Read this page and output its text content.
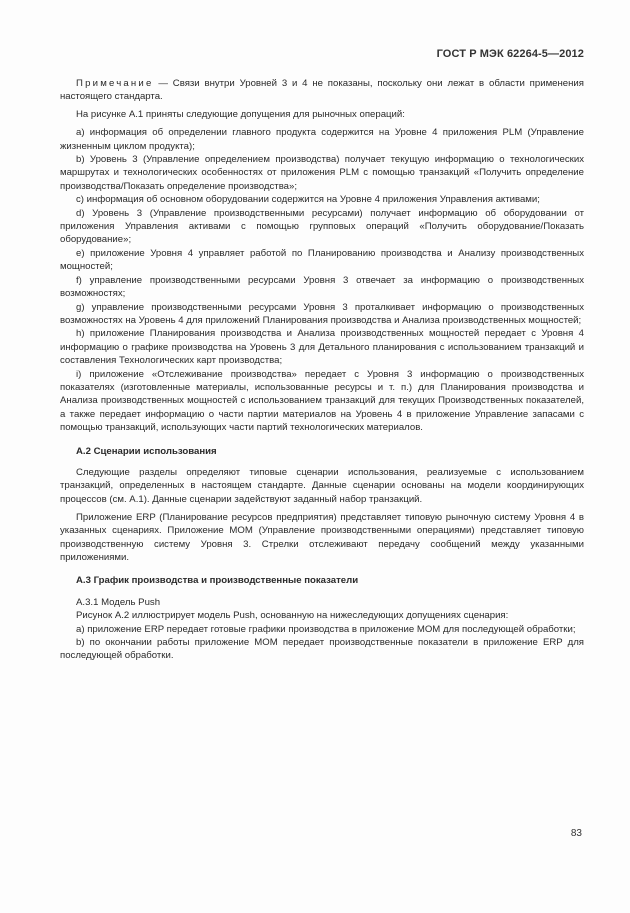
ГОСТ Р МЭК 62264-5—2012

Примечание — Связи внутри Уровней 3 и 4 не показаны, поскольку они лежат в области применения настоящего стандарта.

На рисунке А.1 приняты следующие допущения для рыночных операций:

a) информация об определении главного продукта содержится на Уровне 4 приложения PLM (Управление жизненным циклом продукта);

b) Уровень 3 (Управление определением производства) получает текущую информацию о технологических маршрутах и технологических особенностях от приложения PLM с помощью транзакций «Получить определение производства/Показать определение производства»;

c) информация об основном оборудовании содержится на Уровне 4 приложения Управления активами;

d) Уровень 3 (Управление производственными ресурсами) получает информацию об оборудовании от приложения Управления активами с помощью групповых операций «Получить оборудование/Показать оборудование»;

e) приложение Уровня 4 управляет работой по Планированию производства и Анализу производственных мощностей;

f) управление производственными ресурсами Уровня 3 отвечает за информацию о производственных возможностях;

g) управление производственными ресурсами Уровня 3 проталкивает информацию о производственных возможностях на Уровень 4 для приложений Планирования производства и Анализа производственных мощностей;

h) приложение Планирования производства и Анализа производственных мощностей передает с Уровня 4 информацию о графике производства на Уровень 3 для Детального планирования с использованием транзакций и составления Технологических карт производства;

i) приложение «Отслеживание производства» передает с Уровня 3 информацию о производственных показателях (изготовленные материалы, использованные ресурсы и т. п.) для Планирования производства и Анализа производственных мощностей с использованием транзакций для текущих Производственных показателей, а также передает информацию о части партии материалов на Уровень 4 в приложение Управление запасами с помощью транзакций, использующих части партий технологических материалов.

А.2 Сценарии использования

Следующие разделы определяют типовые сценарии использования, реализуемые с использованием транзакций, определенных в настоящем стандарте. Данные сценарии основаны на модели координирующих процессов (см. А.1). Данные сценарии задействуют заданный набор транзакций.

Приложение ERP (Планирование ресурсов предприятия) представляет типовую рыночную систему Уровня 4 в указанных сценариях. Приложение МОМ (Управление производственными операциями) представляет типовую производственную систему Уровня 3. Стрелки отслеживают передачу сообщений между указанными приложениями.

А.3 График производства и производственные показатели

А.3.1 Модель Push

Рисунок А.2 иллюстрирует модель Push, основанную на нижеследующих допущениях сценария:

a) приложение ERP передает готовые графики производства в приложение МОМ для последующей обработки;

b) по окончании работы приложение МОМ передает производственные показатели в приложение ERP для последующей обработки.

83
